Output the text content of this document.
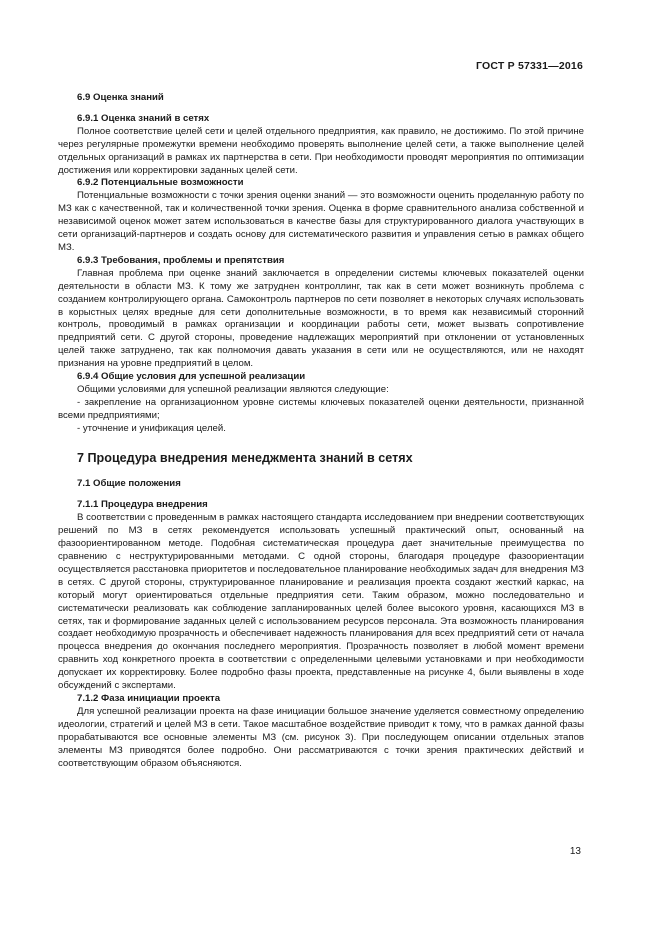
ГОСТ Р 57331—2016
6.9 Оценка знаний
6.9.1 Оценка знаний в сетях
Полное соответствие целей сети и целей отдельного предприятия, как правило, не достижимо. По этой причине через регулярные промежутки времени необходимо проверять выполнение целей сети, а также выполнение целей отдельных организаций в рамках их партнерства в сети. При необходимости проводят мероприятия по оптимизации достижения или корректировки заданных целей сети.
6.9.2 Потенциальные возможности
Потенциальные возможности с точки зрения оценки знаний — это возможности оценить проделанную работу по МЗ как с качественной, так и количественной точки зрения. Оценка в форме сравнительного анализа собственной и независимой оценок может затем использоваться в качестве базы для структурированного диалога участвующих в сети организаций-партнеров и создать основу для систематического развития и управления сетью в рамках общего МЗ.
6.9.3 Требования, проблемы и препятствия
Главная проблема при оценке знаний заключается в определении системы ключевых показателей оценки деятельности в области МЗ. К тому же затруднен контроллинг, так как в сети может возникнуть проблема с созданием контролирующего органа. Самоконтроль партнеров по сети позволяет в некоторых случаях использовать в корыстных целях вредные для сети дополнительные возможности, в то время как независимый сторонний контроль, проводимый в рамках организации и координации работы сети, может вызвать сопротивление предприятий сети. С другой стороны, проведение надлежащих мероприятий при отклонении от установленных целей также затруднено, так как полномочия давать указания в сети или не осуществляются, или не находят признания на уровне предприятий в целом.
6.9.4 Общие условия для успешной реализации
Общими условиями для успешной реализации являются следующие:
- закрепление на организационном уровне системы ключевых показателей оценки деятельности, признанной всеми предприятиями;
- уточнение и унификация целей.
7 Процедура внедрения менеджмента знаний в сетях
7.1 Общие положения
7.1.1 Процедура внедрения
В соответствии с проведенным в рамках настоящего стандарта исследованием при внедрении соответствующих решений по МЗ в сетях рекомендуется использовать успешный практический опыт, основанный на фазоориентированном методе. Подобная систематическая процедура дает значительные преимущества по сравнению с неструктурированными методами. С одной стороны, благодаря процедуре фазоориентации осуществляется расстановка приоритетов и последовательное планирование необходимых задач для внедрения МЗ в сетях. С другой стороны, структурированное планирование и реализация проекта создают жесткий каркас, на который могут ориентироваться отдельные предприятия сети. Таким образом, можно последовательно и систематически реализовать как соблюдение запланированных целей более высокого уровня, касающихся МЗ в сетях, так и формирование заданных целей с использованием ресурсов персонала. Эта возможность планирования создает необходимую прозрачность и обеспечивает надежность планирования для всех предприятий сети от начала процесса внедрения до окончания последнего мероприятия. Прозрачность позволяет в любой момент времени сравнить ход конкретного проекта в соответствии с определенными целевыми установками и при необходимости допускает их корректировку. Более подробно фазы проекта, представленные на рисунке 4, были выявлены в ходе обсуждений с экспертами.
7.1.2 Фаза инициации проекта
Для успешной реализации проекта на фазе инициации большое значение уделяется совместному определению идеологии, стратегий и целей МЗ в сети. Такое масштабное воздействие приводит к тому, что в рамках данной фазы прорабатываются все основные элементы МЗ (см. рисунок 3). При последующем описании отдельных этапов элементы МЗ приводятся более подробно. Они рассматриваются с точки зрения практических действий и соответствующим образом объясняются.
13
